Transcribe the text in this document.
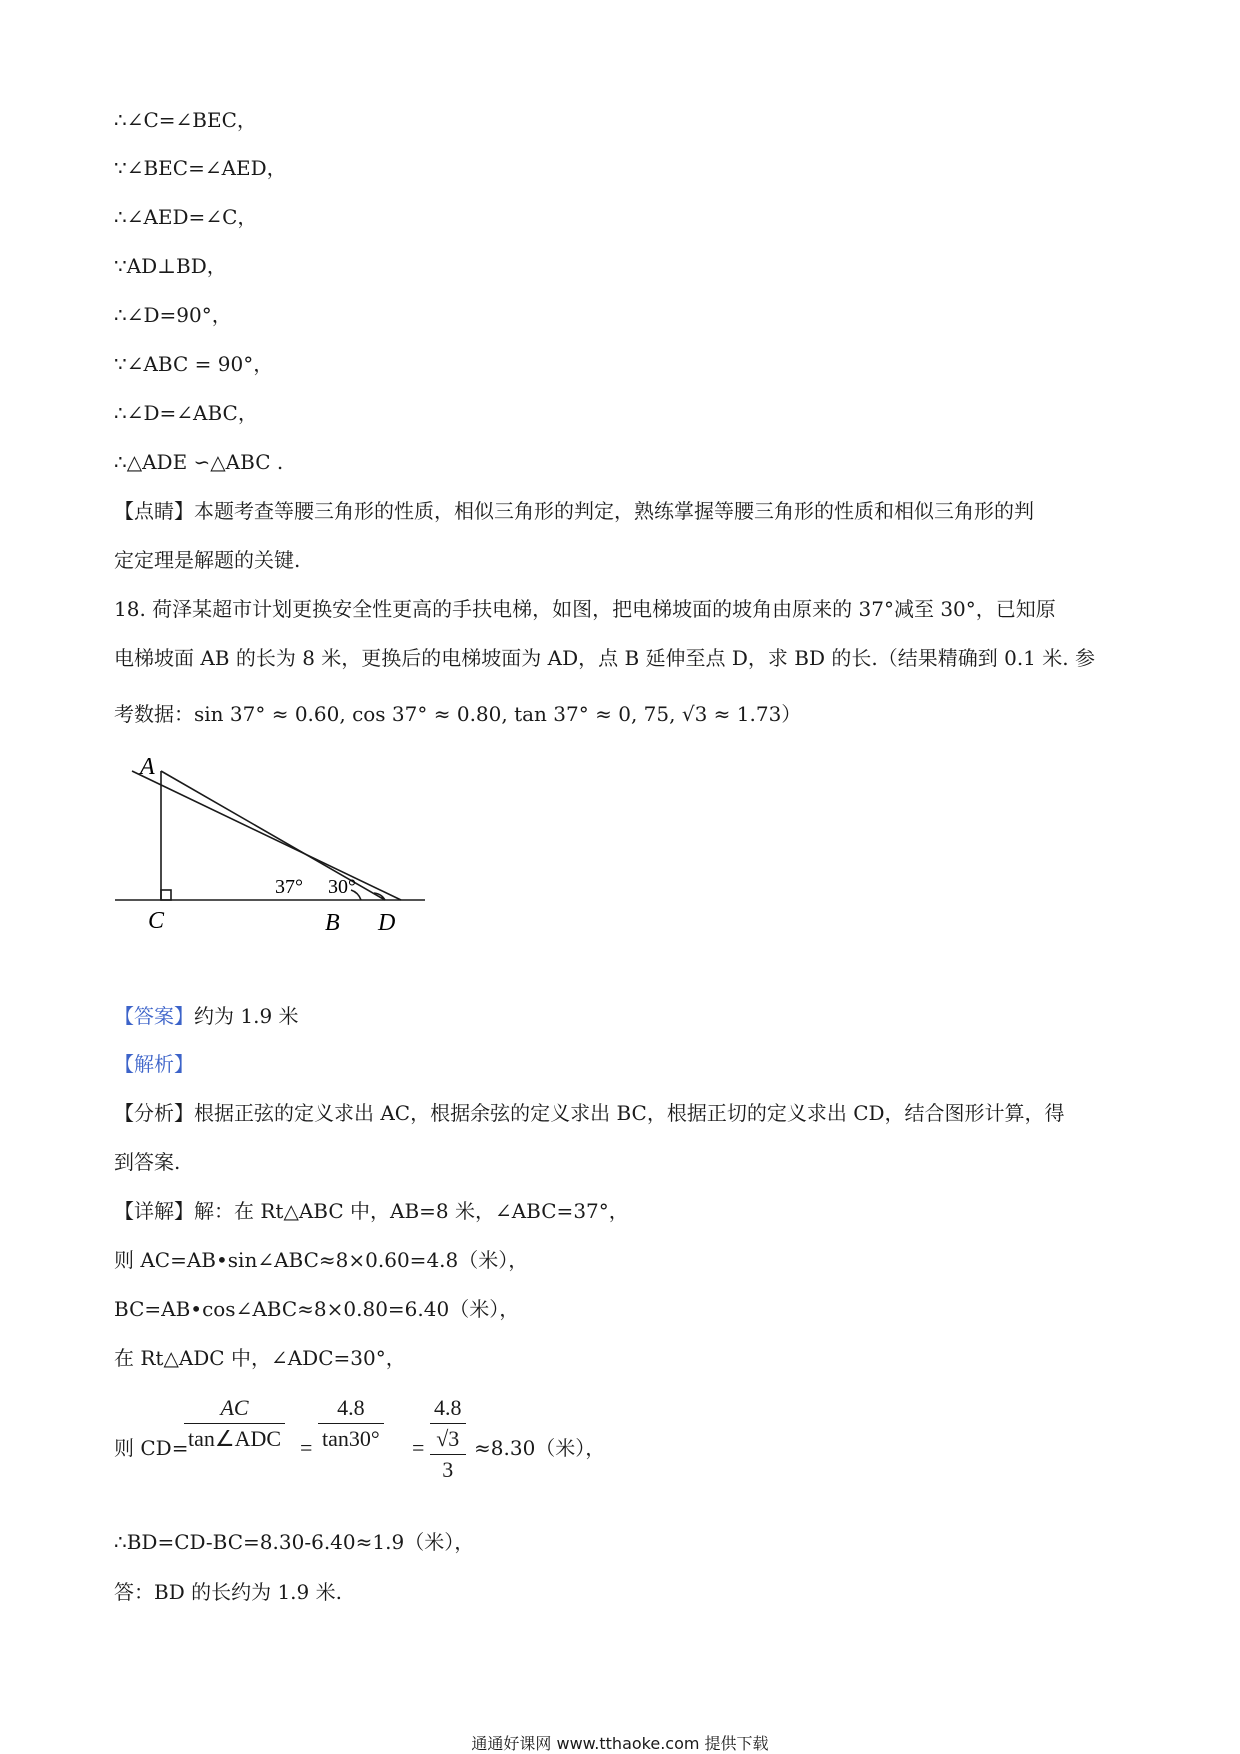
∴∠C=∠BEC，
∵∠BEC=∠AED，
∴∠AED=∠C，
∵AD⊥BD，
∴∠D=90°，
∵∠ABC = 90°，
∴∠D=∠ABC，
∴△ADE ∽△ABC .
【点睛】本题考查等腰三角形的性质，相似三角形的判定，熟练掌握等腰三角形的性质和相似三角形的判
定定理是解题的关键.
18. 荷泽某超市计划更换安全性更高的手扶电梯，如图，把电梯坡面的坡角由原来的 37°减至 30°，已知原
电梯坡面 AB 的长为 8 米，更换后的电梯坡面为 AD，点 B 延伸至点 D，求 BD 的长.（结果精确到 0.1 米. 参
考数据：sin 37° ≈ 0.60, cos 37° ≈ 0.80, tan 37° ≈ 0, 75, √3 ≈ 1.73）
A
C	B D
37° 30°
【答案】约为 1.9 米
【解析】
【分析】根据正弦的定义求出 AC，根据余弦的定义求出 BC，根据正切的定义求出 CD，结合图形计算，得
到答案.
【详解】解：在 Rt△ABC 中，AB=8 米，∠ABC=37°，
则 AC=AB•sin∠ABC≈8×0.60=4.8（米），
BC=AB•cos∠ABC≈8×0.80=6.40（米），
在 Rt△ADC 中，∠ADC=30°，
则 CD=
AC
tan∠ADC =
4.8
tan30° =
4.8
√3
3
≈8.30（米），
∴BD=CD-BC=8.30-6.40≈1.9（米），
答：BD 的长约为 1.9 米.
通通好课网 www.tthaoke.com 提供下载
